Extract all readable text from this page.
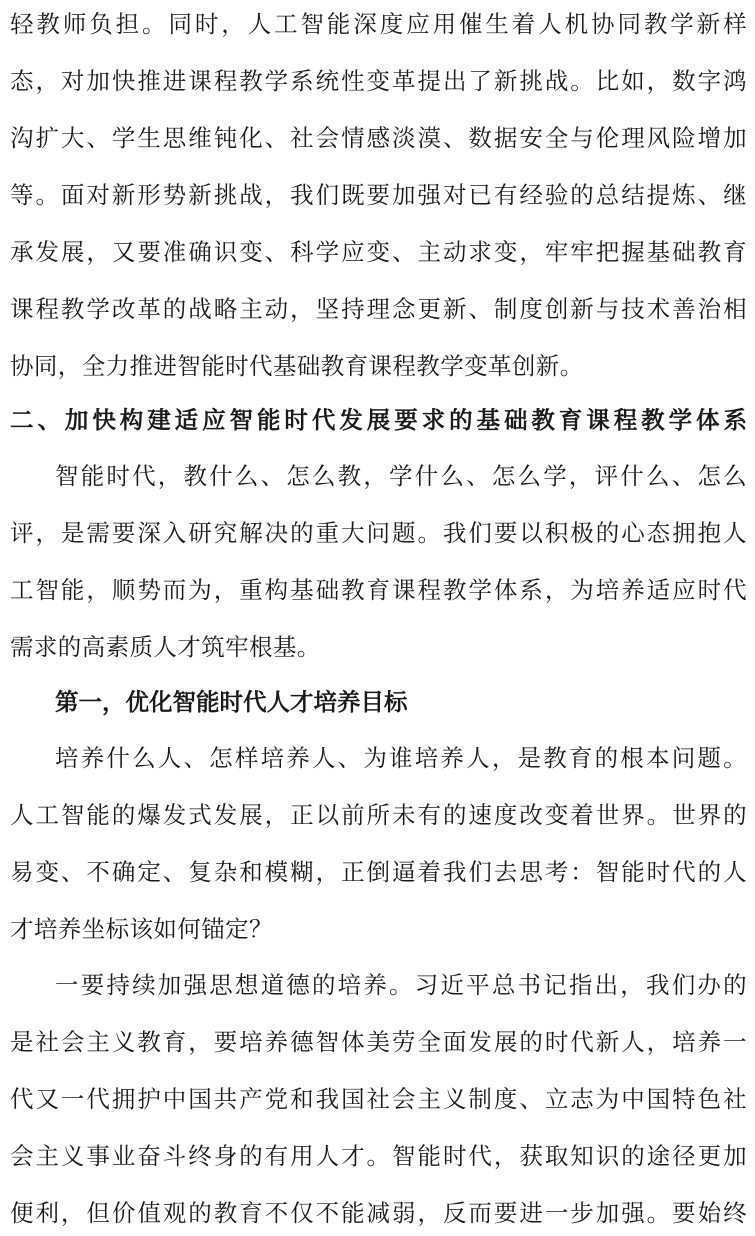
轻教师负担。同时，人工智能深度应用催生着人机协同教学新样
态，对加快推进课程教学系统性变革提出了新挑战。比如，数字鸿
沟扩大、学生思维钝化、社会情感淡漠、数据安全与伦理风险增加
等。面对新形势新挑战，我们既要加强对已有经验的总结提炼、继
承发展，又要准确识变、科学应变、主动求变，牢牢把握基础教育
课程教学改革的战略主动，坚持理念更新、制度创新与技术善治相
协同，全力推进智能时代基础教育课程教学变革创新。
二、加快构建适应智能时代发展要求的基础教育课程教学体系
智能时代，教什么、怎么教，学什么、怎么学，评什么、怎么
评，是需要深入研究解决的重大问题。我们要以积极的心态拥抱人
工智能，顺势而为，重构基础教育课程教学体系，为培养适应时代
需求的高素质人才筑牢根基。
第一，优化智能时代人才培养目标
培养什么人、怎样培养人、为谁培养人，是教育的根本问题。
人工智能的爆发式发展，正以前所未有的速度改变着世界。世界的
易变、不确定、复杂和模糊，正倒逼着我们去思考：智能时代的人
才培养坐标该如何锚定？
一要持续加强思想道德的培养。习近平总书记指出，我们办的
是社会主义教育，要培养德智体美劳全面发展的时代新人，培养一
代又一代拥护中国共产党和我国社会主义制度、立志为中国特色社
会主义事业奋斗终身的有用人才。智能时代，获取知识的途径更加
便利，但价值观的教育不仅不能减弱，反而要进一步加强。要始终
